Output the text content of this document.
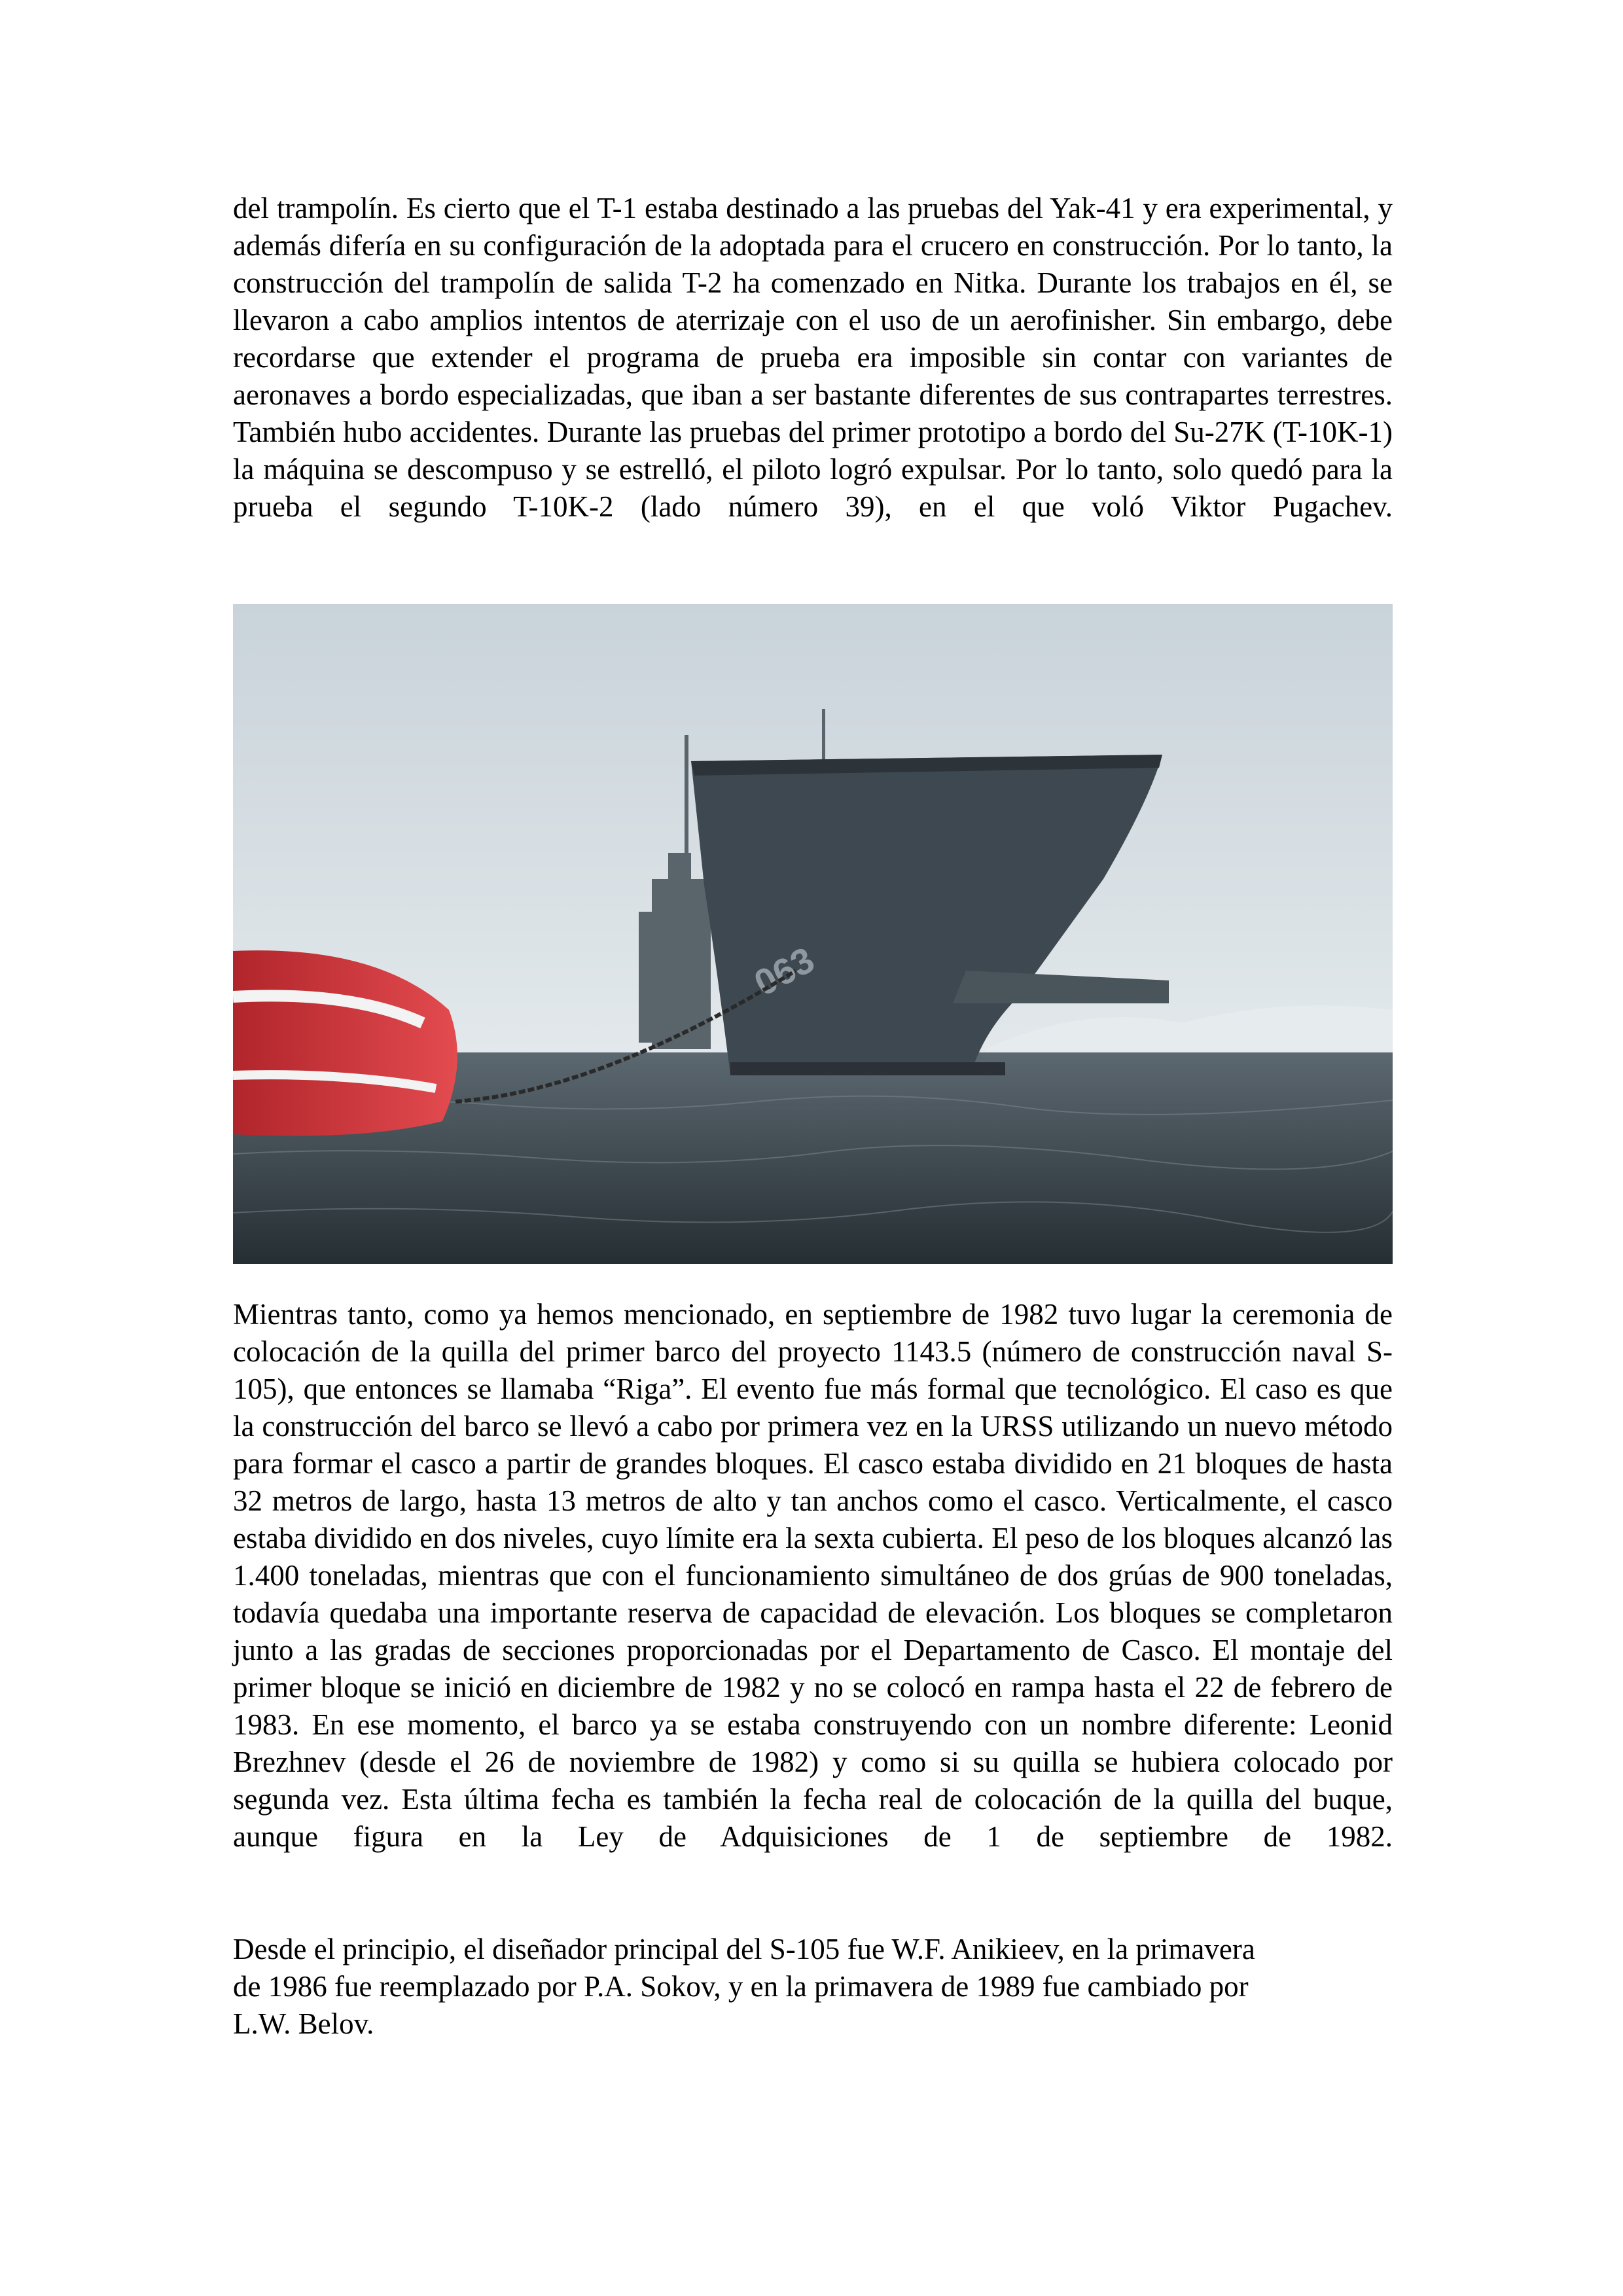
del trampolín. Es cierto que el T-1 estaba destinado a las pruebas del Yak-41 y era experimental, y además difería en su configuración de la adoptada para el crucero en construcción. Por lo tanto, la construcción del trampolín de salida T-2 ha comenzado en Nitka. Durante los trabajos en él, se llevaron a cabo amplios intentos de aterrizaje con el uso de un aerofinisher. Sin embargo, debe recordarse que extender el programa de prueba era imposible sin contar con variantes de aeronaves a bordo especializadas, que iban a ser bastante diferentes de sus contrapartes terrestres. También hubo accidentes. Durante las pruebas del primer prototipo a bordo del Su-27K (T-10K-1) la máquina se descompuso y se estrelló, el piloto logró expulsar. Por lo tanto, solo quedó para la prueba el segundo T-10K-2 (lado número 39), en el que voló Viktor Pugachev.

063

Mientras tanto, como ya hemos mencionado, en septiembre de 1982 tuvo lugar la ceremonia de colocación de la quilla del primer barco del proyecto 1143.5 (número de construcción naval S-105), que entonces se llamaba “Riga”. El evento fue más formal que tecnológico. El caso es que la construcción del barco se llevó a cabo por primera vez en la URSS utilizando un nuevo método para formar el casco a partir de grandes bloques. El casco estaba dividido en 21 bloques de hasta 32 metros de largo, hasta 13 metros de alto y tan anchos como el casco. Verticalmente, el casco estaba dividido en dos niveles, cuyo límite era la sexta cubierta. El peso de los bloques alcanzó las 1.400 toneladas, mientras que con el funcionamiento simultáneo de dos grúas de 900 toneladas, todavía quedaba una importante reserva de capacidad de elevación. Los bloques se completaron junto a las gradas de secciones proporcionadas por el Departamento de Casco. El montaje del primer bloque se inició en diciembre de 1982 y no se colocó en rampa hasta el 22 de febrero de 1983. En ese momento, el barco ya se estaba construyendo con un nombre diferente: Leonid Brezhnev (desde el 26 de noviembre de 1982) y como si su quilla se hubiera colocado por segunda vez. Esta última fecha es también la fecha real de colocación de la quilla del buque, aunque figura en la Ley de Adquisiciones de 1 de septiembre de 1982.

Desde el principio, el diseñador principal del S-105 fue W.F. Anikieev, en la primavera
de 1986 fue reemplazado por P.A. Sokov, y en la primavera de 1989 fue cambiado por
L.W. Belov.
